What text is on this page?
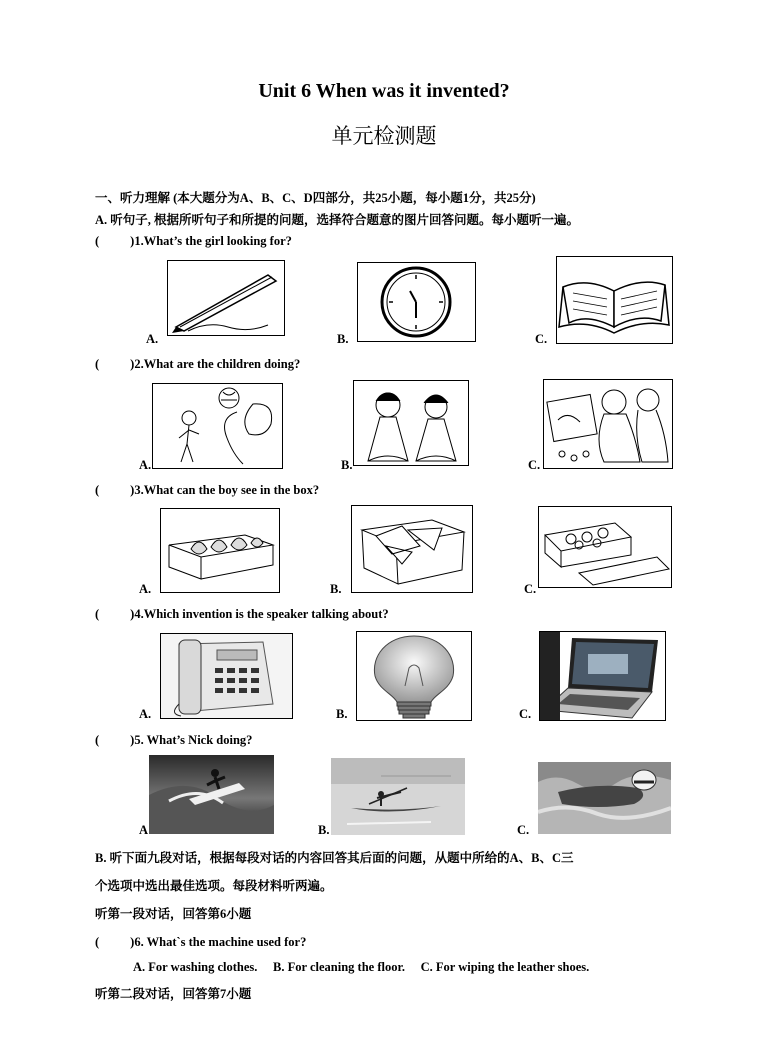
Unit 6 When was it invented?
单元检测题
一、听力理解 (本大题分为A、B、C、D四部分，共25小题，每小题1分，共25分)
A. 听句子, 根据所听句子和所提的问题，选择符合题意的图片回答问题。每小题听一遍。
( )1.What’s the girl looking for?
A.	B.	C.
( )2.What are the children doing?
A.	B.	C.
( )3.What can the boy see in the box?
A.	B.	C.
( )4.Which invention is the speaker talking about?
A.	B.	C.
( )5. What’s Nick doing?
A	B.	C.
B. 听下面九段对话，根据每段对话的内容回答其后面的问题，从题中所给的A、B、C三
个选项中选出最佳选项。每段材料听两遍。
听第一段对话，回答第6小题
( )6. What`s the machine used for?
A. For washing clothes.     B. For cleaning the floor.     C. For wiping the leather shoes.
听第二段对话，回答第7小题
